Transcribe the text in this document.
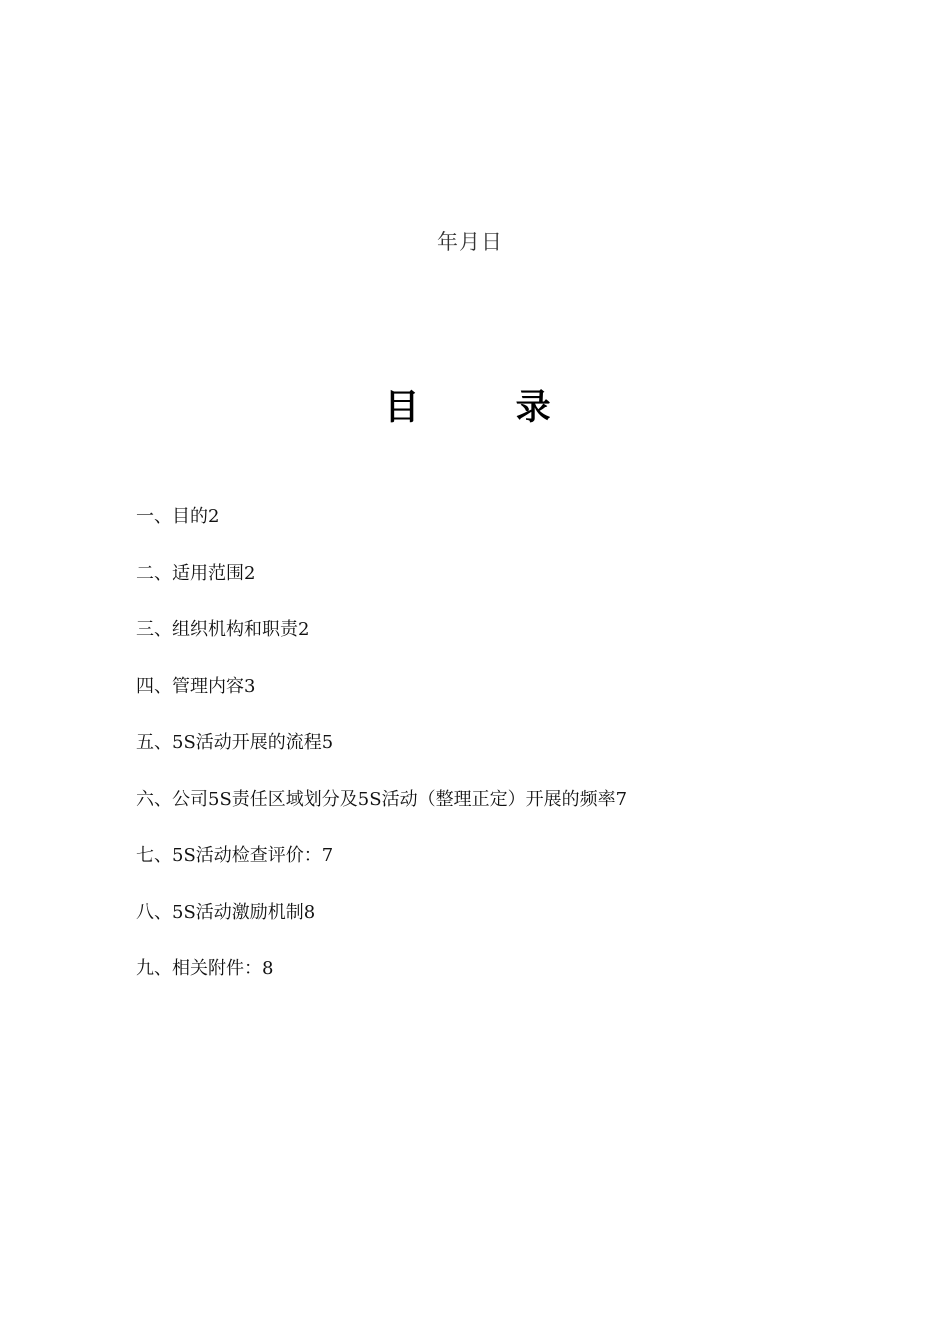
年月日
目 录
一、目的2
二、适用范围2
三、组织机构和职责2
四、管理内容3
五、5S活动开展的流程5
六、公司5S责任区域划分及5S活动（整理正定）开展的频率7
七、5S活动检查评价：7
八、5S活动激励机制8
九、相关附件：8
